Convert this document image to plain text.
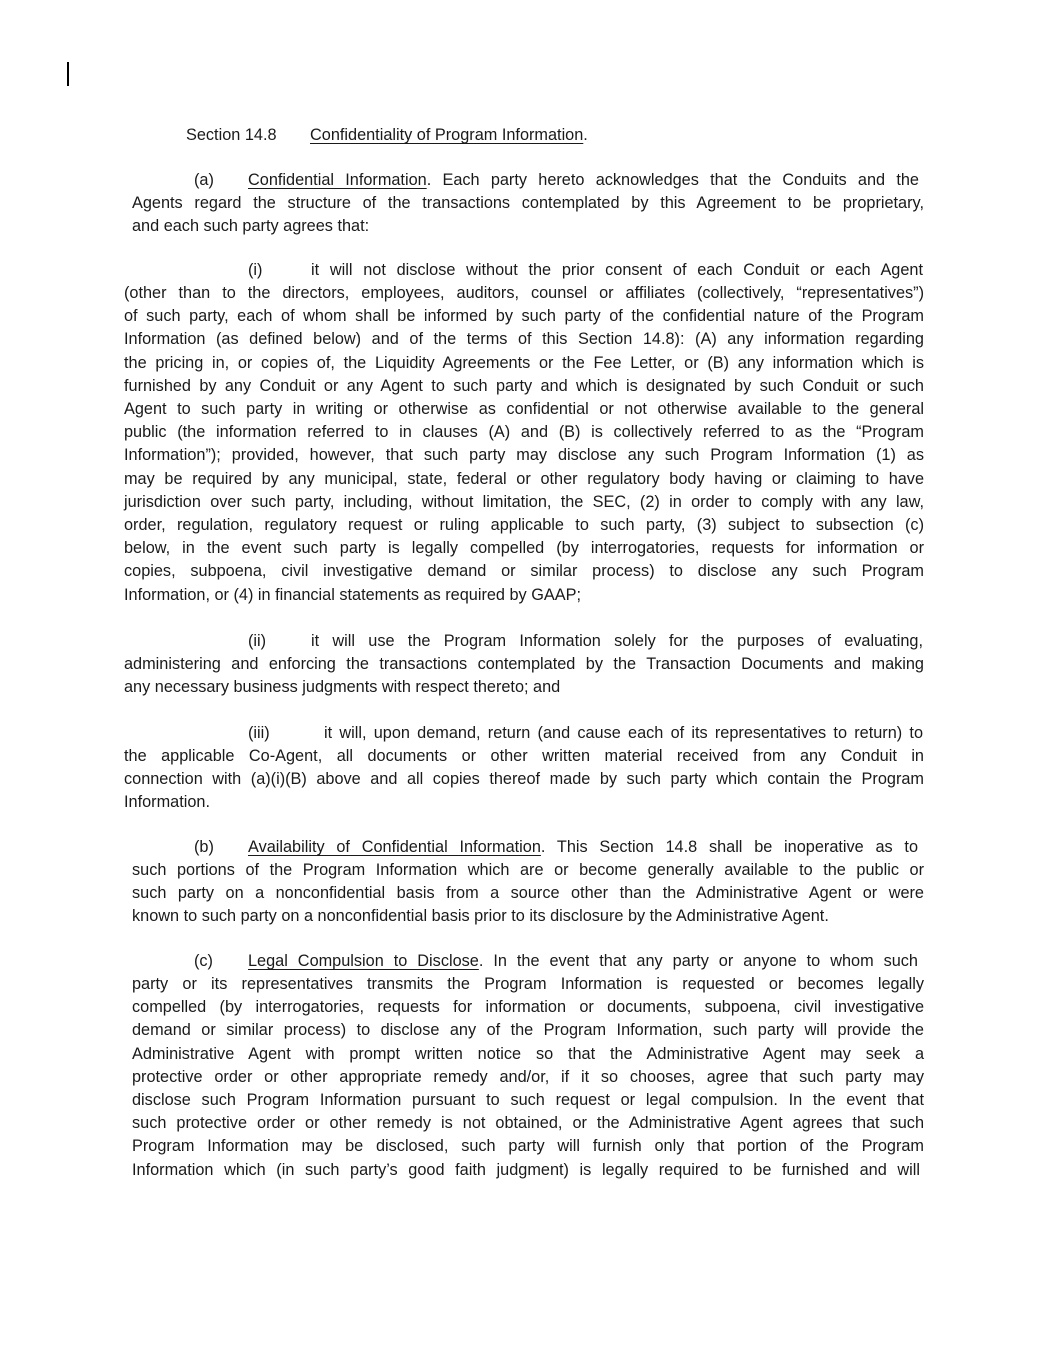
Section 14.8 Confidentiality of Program Information.
(a) Confidential Information. Each party hereto acknowledges that the Conduits and the
Agents regard the structure of the transactions contemplated by this Agreement to be proprietary,
and each such party agrees that:
(i)	it will not disclose without the prior consent of each Conduit or each Agent
(other than to the directors, employees, auditors, counsel or affiliates (collectively, “representatives”)
of such party, each of whom shall be informed by such party of the confidential nature of the Program
Information (as defined below) and of the terms of this Section 14.8): (A) any information regarding
the pricing in, or copies of, the Liquidity Agreements or the Fee Letter, or (B) any information which is
furnished by any Conduit or any Agent to such party and which is designated by such Conduit or such
Agent to such party in writing or otherwise as confidential or not otherwise available to the general
public (the information referred to in clauses (A) and (B) is collectively referred to as the “Program
Information”); provided, however, that such party may disclose any such Program Information (1) as
may be required by any municipal, state, federal or other regulatory body having or claiming to have
jurisdiction over such party, including, without limitation, the SEC, (2) in order to comply with any law,
order, regulation, regulatory request or ruling applicable to such party, (3) subject to subsection (c)
below, in the event such party is legally compelled (by interrogatories, requests for information or
copies, subpoena, civil investigative demand or similar process) to disclose any such Program
Information, or (4) in financial statements as required by GAAP;
(ii)	it will use the Program Information solely for the purposes of evaluating,
administering and enforcing the transactions contemplated by the Transaction Documents and making
any necessary business judgments with respect thereto; and
(iii)	it will, upon demand, return (and cause each of its representatives to return) to
the applicable Co-Agent, all documents or other written material received from any Conduit in
connection with (a)(i)(B) above and all copies thereof made by such party which contain the Program
Information.
(b) Availability of Confidential Information. This Section 14.8 shall be inoperative as to
such portions of the Program Information which are or become generally available to the public or
such party on a nonconfidential basis from a source other than the Administrative Agent or were
known to such party on a nonconfidential basis prior to its disclosure by the Administrative Agent.
(c) Legal Compulsion to Disclose. In the event that any party or anyone to whom such
party or its representatives transmits the Program Information is requested or becomes legally
compelled (by interrogatories, requests for information or documents, subpoena, civil investigative
demand or similar process) to disclose any of the Program Information, such party will provide the
Administrative Agent with prompt written notice so that the Administrative Agent may seek a
protective order or other appropriate remedy and/or, if it so chooses, agree that such party may
disclose such Program Information pursuant to such request or legal compulsion. In the event that
such protective order or other remedy is not obtained, or the Administrative Agent agrees that such
Program Information may be disclosed, such party will furnish only that portion of the Program
Information which (in such party’s good faith judgment) is legally required to be furnished and will
